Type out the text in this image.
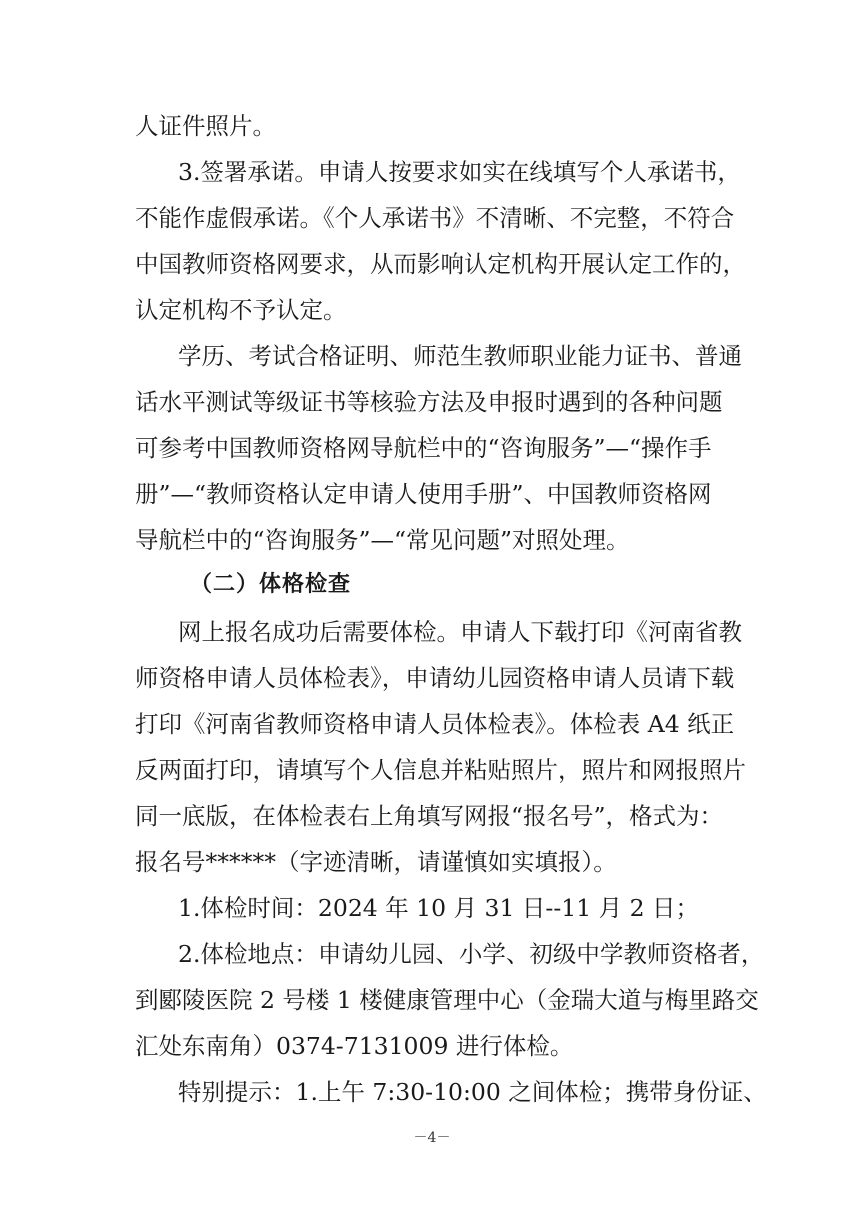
人证件照片。
3.签署承诺。申请人按要求如实在线填写个人承诺书，
不能作虚假承诺。《个人承诺书》不清晰、不完整，不符合
中国教师资格网要求，从而影响认定机构开展认定工作的，
认定机构不予认定。
学历、考试合格证明、师范生教师职业能力证书、普通
话水平测试等级证书等核验方法及申报时遇到的各种问题
可参考中国教师资格网导航栏中的“咨询服务”—“操作手
册”—“教师资格认定申请人使用手册”、中国教师资格网
导航栏中的“咨询服务”—“常见问题”对照处理。
（二）体格检查
网上报名成功后需要体检。申请人下载打印《河南省教
师资格申请人员体检表》，申请幼儿园资格申请人员请下载
打印《河南省教师资格申请人员体检表》。体检表 A4 纸正
反两面打印，请填写个人信息并粘贴照片，照片和网报照片
同一底版，在体检表右上角填写网报“报名号”，格式为：
报名号******（字迹清晰，请谨慎如实填报）。
1.体检时间：2024 年 10 月 31 日--11 月 2 日；
2.体检地点：申请幼儿园、小学、初级中学教师资格者，
到郾陵医院 2 号楼 1 楼健康管理中心（金瑞大道与梅里路交
汇处东南角）0374-7131009 进行体检。
特别提示：1.上午 7:30-10:00 之间体检；携带身份证、
－4－
